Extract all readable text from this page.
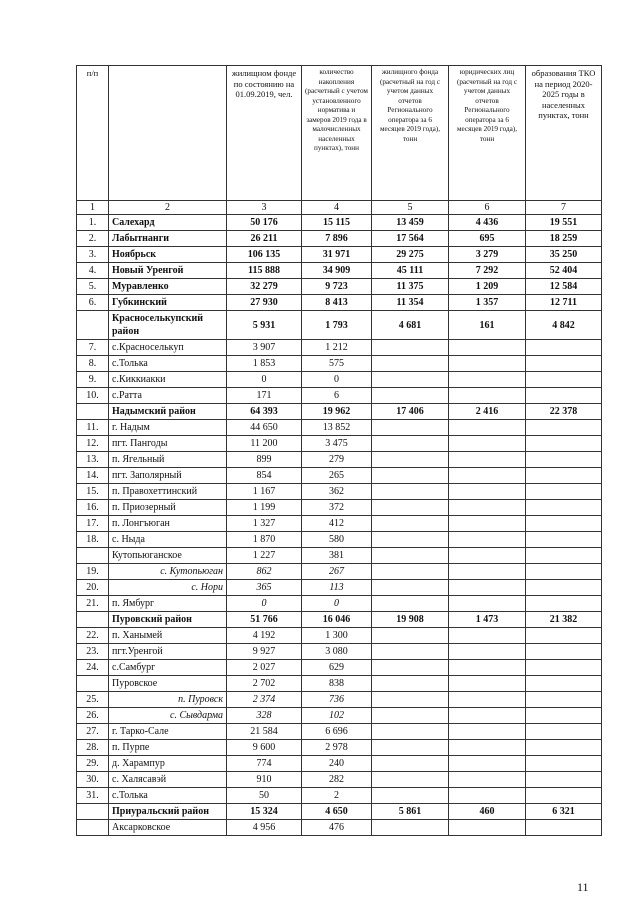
п/п		жилищном фонде по состоянию на 01.09.2019, чел.	количество накопления (расчетный с учетом установленного норматива и замеров 2019 года в малочисленных населенных пунктах), тонн	жилищного фонда (расчетный на год с учетом данных отчетов Регионального оператора за 6 месяцев 2019 года), тонн	юридических лиц (расчетный на год с учетом данных отчетов Регионального оператора за 6 месяцев 2019 года), тонн	образования ТКО на период 2020-2025 годы в населенных пунктах, тонн
1	2	3	4	5	6	7
1.	Салехард	50 176	15 115	13 459	4 436	19 551
2.	Лабытнанги	26 211	7 896	17 564	695	18 259
3.	Ноябрьск	106 135	31 971	29 275	3 279	35 250
4.	Новый Уренгой	115 888	34 909	45 111	7 292	52 404
5.	Муравленко	32 279	9 723	11 375	1 209	12 584
6.	Губкинский	27 930	8 413	11 354	1 357	12 711
	Красноселькупский район	5 931	1 793	4 681	161	4 842
7.	с.Красноселькуп	3 907	1 212			
8.	с.Толька	1 853	575			
9.	с.Киккиакки	0	0			
10.	с.Ратта	171	6			
	Надымский район	64 393	19 962	17 406	2 416	22 378
11.	г. Надым	44 650	13 852			
12.	пгт. Пангоды	11 200	3 475			
13.	п. Ягельный	899	279			
14.	пгт. Заполярный	854	265			
15.	п. Правохеттинский	1 167	362			
16.	п. Приозерный	1 199	372			
17.	п. Лонгъюган	1 327	412			
18.	с. Ныда	1 870	580			
	Кутопьюганское	1 227	381			
19.	с. Кутопьюган	862	267			
20.	с. Нори	365	113			
21.	п. Ямбург	0	0			
	Пуровский район	51 766	16 046	19 908	1 473	21 382
22.	п. Ханымей	4 192	1 300			
23.	пгт.Уренгой	9 927	3 080			
24.	с.Самбург	2 027	629			
	Пуровское	2 702	838			
25.	п. Пуровск	2 374	736			
26.	с. Сывдарма	328	102			
27.	г. Тарко-Сале	21 584	6 696			
28.	п. Пурпе	9 600	2 978			
29.	д. Харампур	774	240			
30.	с. Халясавэй	910	282			
31.	с.Толька	50	2			
	Приуральский район	15 324	4 650	5 861	460	6 321
	Аксарковское	4 956	476			
11
